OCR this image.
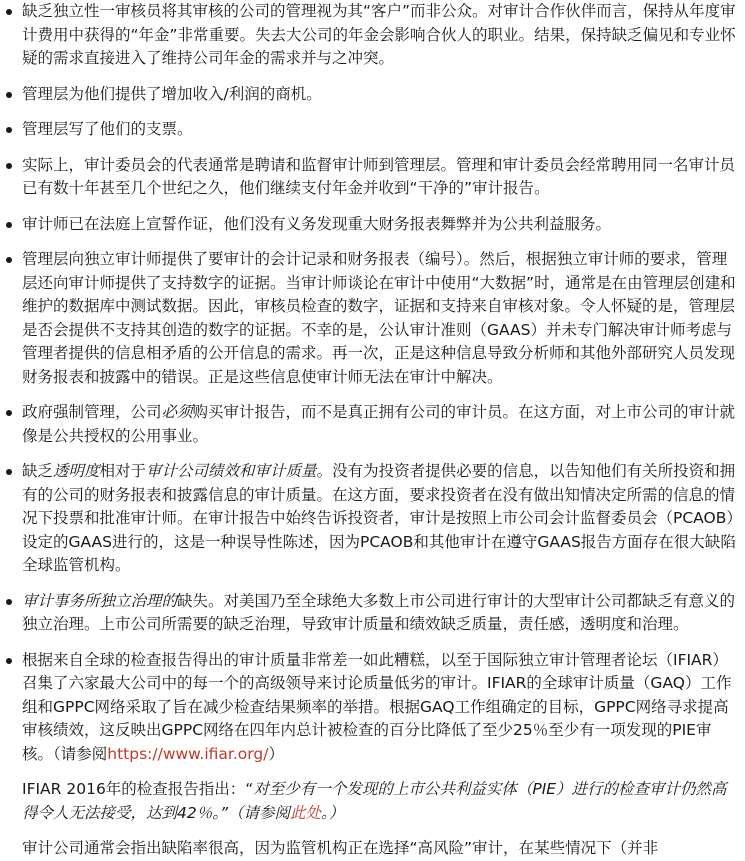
缺乏独立性一审核员将其审核的公司的管理视为其“客户”而非公众。对审计合作伙伴而言，保持从年度审计费用中获得的“年金”非常重要。失去大公司的年金会影响合伙人的职业。结果，保持缺乏偏见和专业怀疑的需求直接进入了维持公司年金的需求并与之冲突。
管理层为他们提供了增加收入/利润的商机。
管理层写了他们的支票。
实际上，审计委员会的代表通常是聘请和监督审计师到管理层。管理和审计委员会经常聘用同一名审计员已有数十年甚至几个世纪之久，他们继续支付年金并收到“干净的”审计报告。
审计师已在法庭上宣誓作证，他们没有义务发现重大财务报表舞弊并为公共利益服务。
管理层向独立审计师提供了要审计的会计记录和财务报表（编号）。然后，根据独立审计师的要求，管理层还向审计师提供了支持数字的证据。当审计师谈论在审计中使用“大数据”时，通常是在由管理层创建和维护的数据库中测试数据。因此，审核员检查的数字，证据和支持来自审核对象。令人怀疑的是，管理层是否会提供不支持其创造的数字的证据。不幸的是，公认审计准则（GAAS）并未专门解决审计师考虑与管理者提供的信息相矛盾的公开信息的需求。再一次，正是这种信息导致分析师和其他外部研究人员发现财务报表和披露中的错误。正是这些信息使审计师无法在审计中解决。
政府强制管理，公司必须购买审计报告，而不是真正拥有公司的审计员。在这方面，对上市公司的审计就像是公共授权的公用事业。
缺乏透明度相对于审计公司绩效和审计质量。没有为投资者提供必要的信息，以告知他们有关所投资和拥有的公司的财务报表和披露信息的审计质量。在这方面，要求投资者在没有做出知情决定所需的信息的情况下投票和批准审计师。在审计报告中始终告诉投资者，审计是按照上市公司会计监督委员会（PCAOB）设定的GAAS进行的，这是一种误导性陈述，因为PCAOB和其他审计在遵守GAAS报告方面存在很大缺陷全球监管机构。
审计事务所独立治理的缺失。对美国乃至全球绝大多数上市公司进行审计的大型审计公司都缺乏有意义的独立治理。上市公司所需要的缺乏治理，导致审计质量和绩效缺乏质量，责任感，透明度和治理。
根据来自全球的检查报告得出的审计质量非常差一如此糟糕，以至于国际独立审计管理者论坛（IFIAR）召集了六家最大公司中的每一个的高级领导来讨论质量低劣的审计。IFIAR的全球审计质量（GAQ）工作组和GPPC网络采取了旨在减少检查结果频率的举措。根据GAQ工作组确定的目标，GPPC网络寻求提高审核绩效，这反映出GPPC网络在四年内总计被检查的百分比降低了至少25％至少有一项发现的PIE审核。（请参阅https://www.ifiar.org/）
IFIAR 2016年的检查报告指出：“对至少有一个发现的上市公共利益实体（PIE）进行的检查审计仍然高得令人无法接受，达到42％。”（请参阅此处。）
审计公司通常会指出缺陷率很高，因为监管机构正在选择“高风险”审计，在某些情况下（并非
